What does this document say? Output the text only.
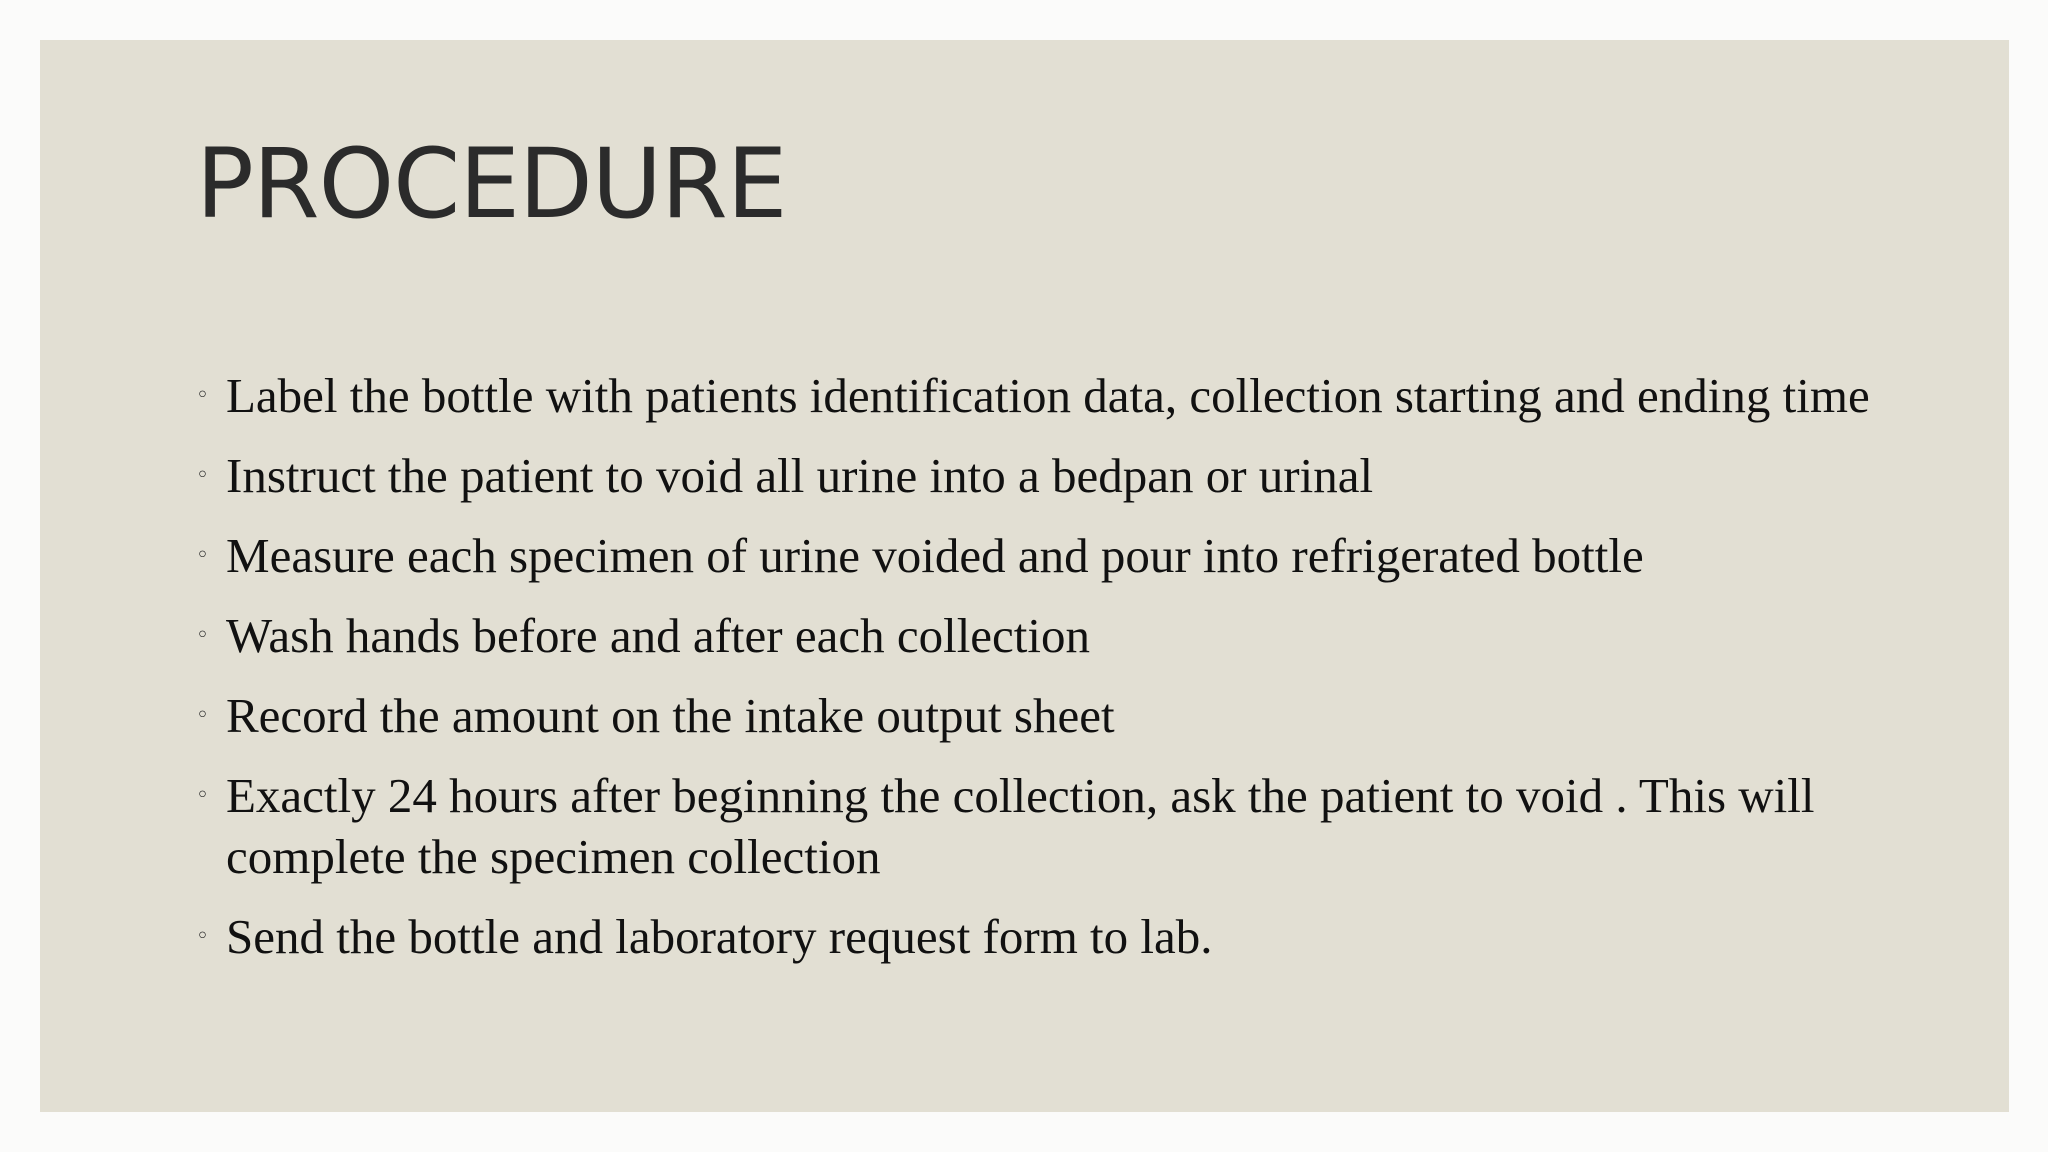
PROCEDURE
◦ Label the bottle with patients identification data, collection starting and ending time
◦ Instruct the patient to void all urine into a bedpan or urinal
◦ Measure each specimen of urine voided and pour into refrigerated bottle
◦ Wash hands before and after each collection
◦ Record the amount on the intake output sheet
◦ Exactly 24 hours after beginning the collection, ask the patient to void . This will complete the specimen collection
◦ Send the bottle and laboratory request form to lab.
